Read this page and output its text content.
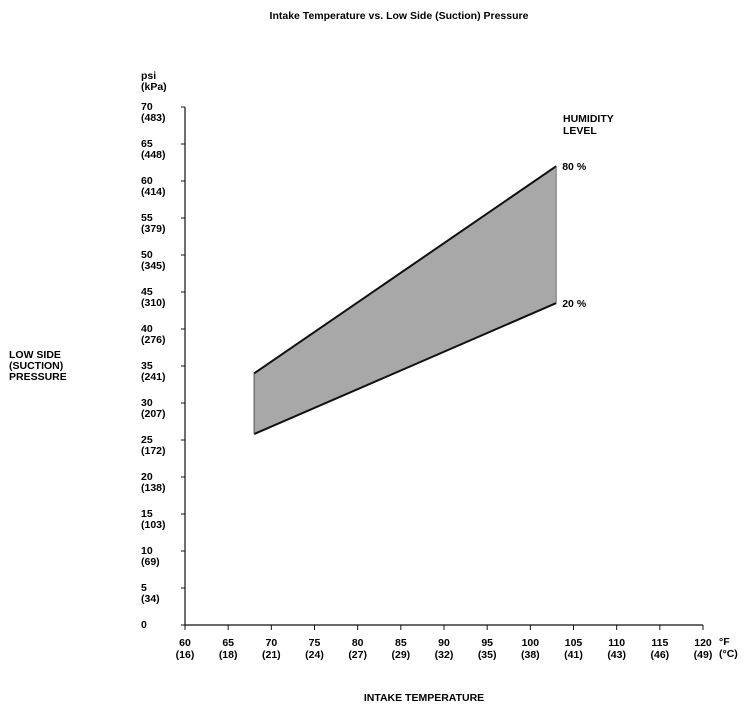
Intake Temperature vs. Low Side (Suction) Pressure
psi
(kPa)
LOW SIDE
(SUCTION)
PRESSURE
HUMIDITY
LEVEL
°F
(°C)
INTAKE TEMPERATURE
70
(483)
65
(448)
60
(414)
55
(379)
50
(345)
45
(310)
40
(276)
35
(241)
30
(207)
25
(172)
20
(138)
15
(103)
10
(69)
5
(34)
0
60
(16)
65
(18)
70
(21)
75
(24)
80
(27)
85
(29)
90
(32)
95
(35)
100
(38)
105
(41)
110
(43)
115
(46)
120
(49)
80 %
20 %
